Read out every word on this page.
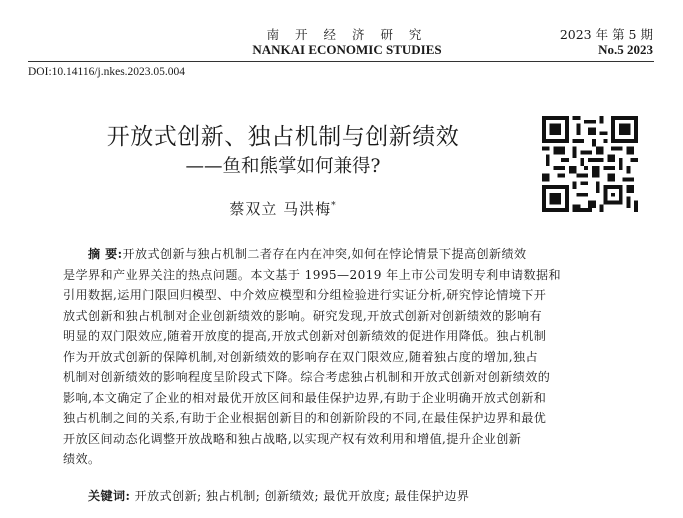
南 开 经 济 研 究
NANKAI ECONOMIC STUDIES
2023 年 第 5 期
No.5 2023
DOI:10.14116/j.nkes.2023.05.004
开放式创新、独占机制与创新绩效
——鱼和熊掌如何兼得?
蔡双立 马洪梅*
摘 要:开放式创新与独占机制二者存在内在冲突,如何在悖论情景下提高创新绩效
是学界和产业界关注的热点问题。本文基于 1995—2019 年上市公司发明专利申请数据和
引用数据,运用门限回归模型、中介效应模型和分组检验进行实证分析,研究悖论情境下开
放式创新和独占机制对企业创新绩效的影响。研究发现,开放式创新对创新绩效的影响有
明显的双门限效应,随着开放度的提高,开放式创新对创新绩效的促进作用降低。独占机制
作为开放式创新的保障机制,对创新绩效的影响存在双门限效应,随着独占度的增加,独占
机制对创新绩效的影响程度呈阶段式下降。综合考虑独占机制和开放式创新对创新绩效的
影响,本文确定了企业的相对最优开放区间和最佳保护边界,有助于企业明确开放式创新和
独占机制之间的关系,有助于企业根据创新目的和创新阶段的不同,在最佳保护边界和最优
开放区间动态化调整开放战略和独占战略,以实现产权有效利用和增值,提升企业创新
绩效。
关键词: 开放式创新; 独占机制; 创新绩效; 最优开放度; 最佳保护边界
